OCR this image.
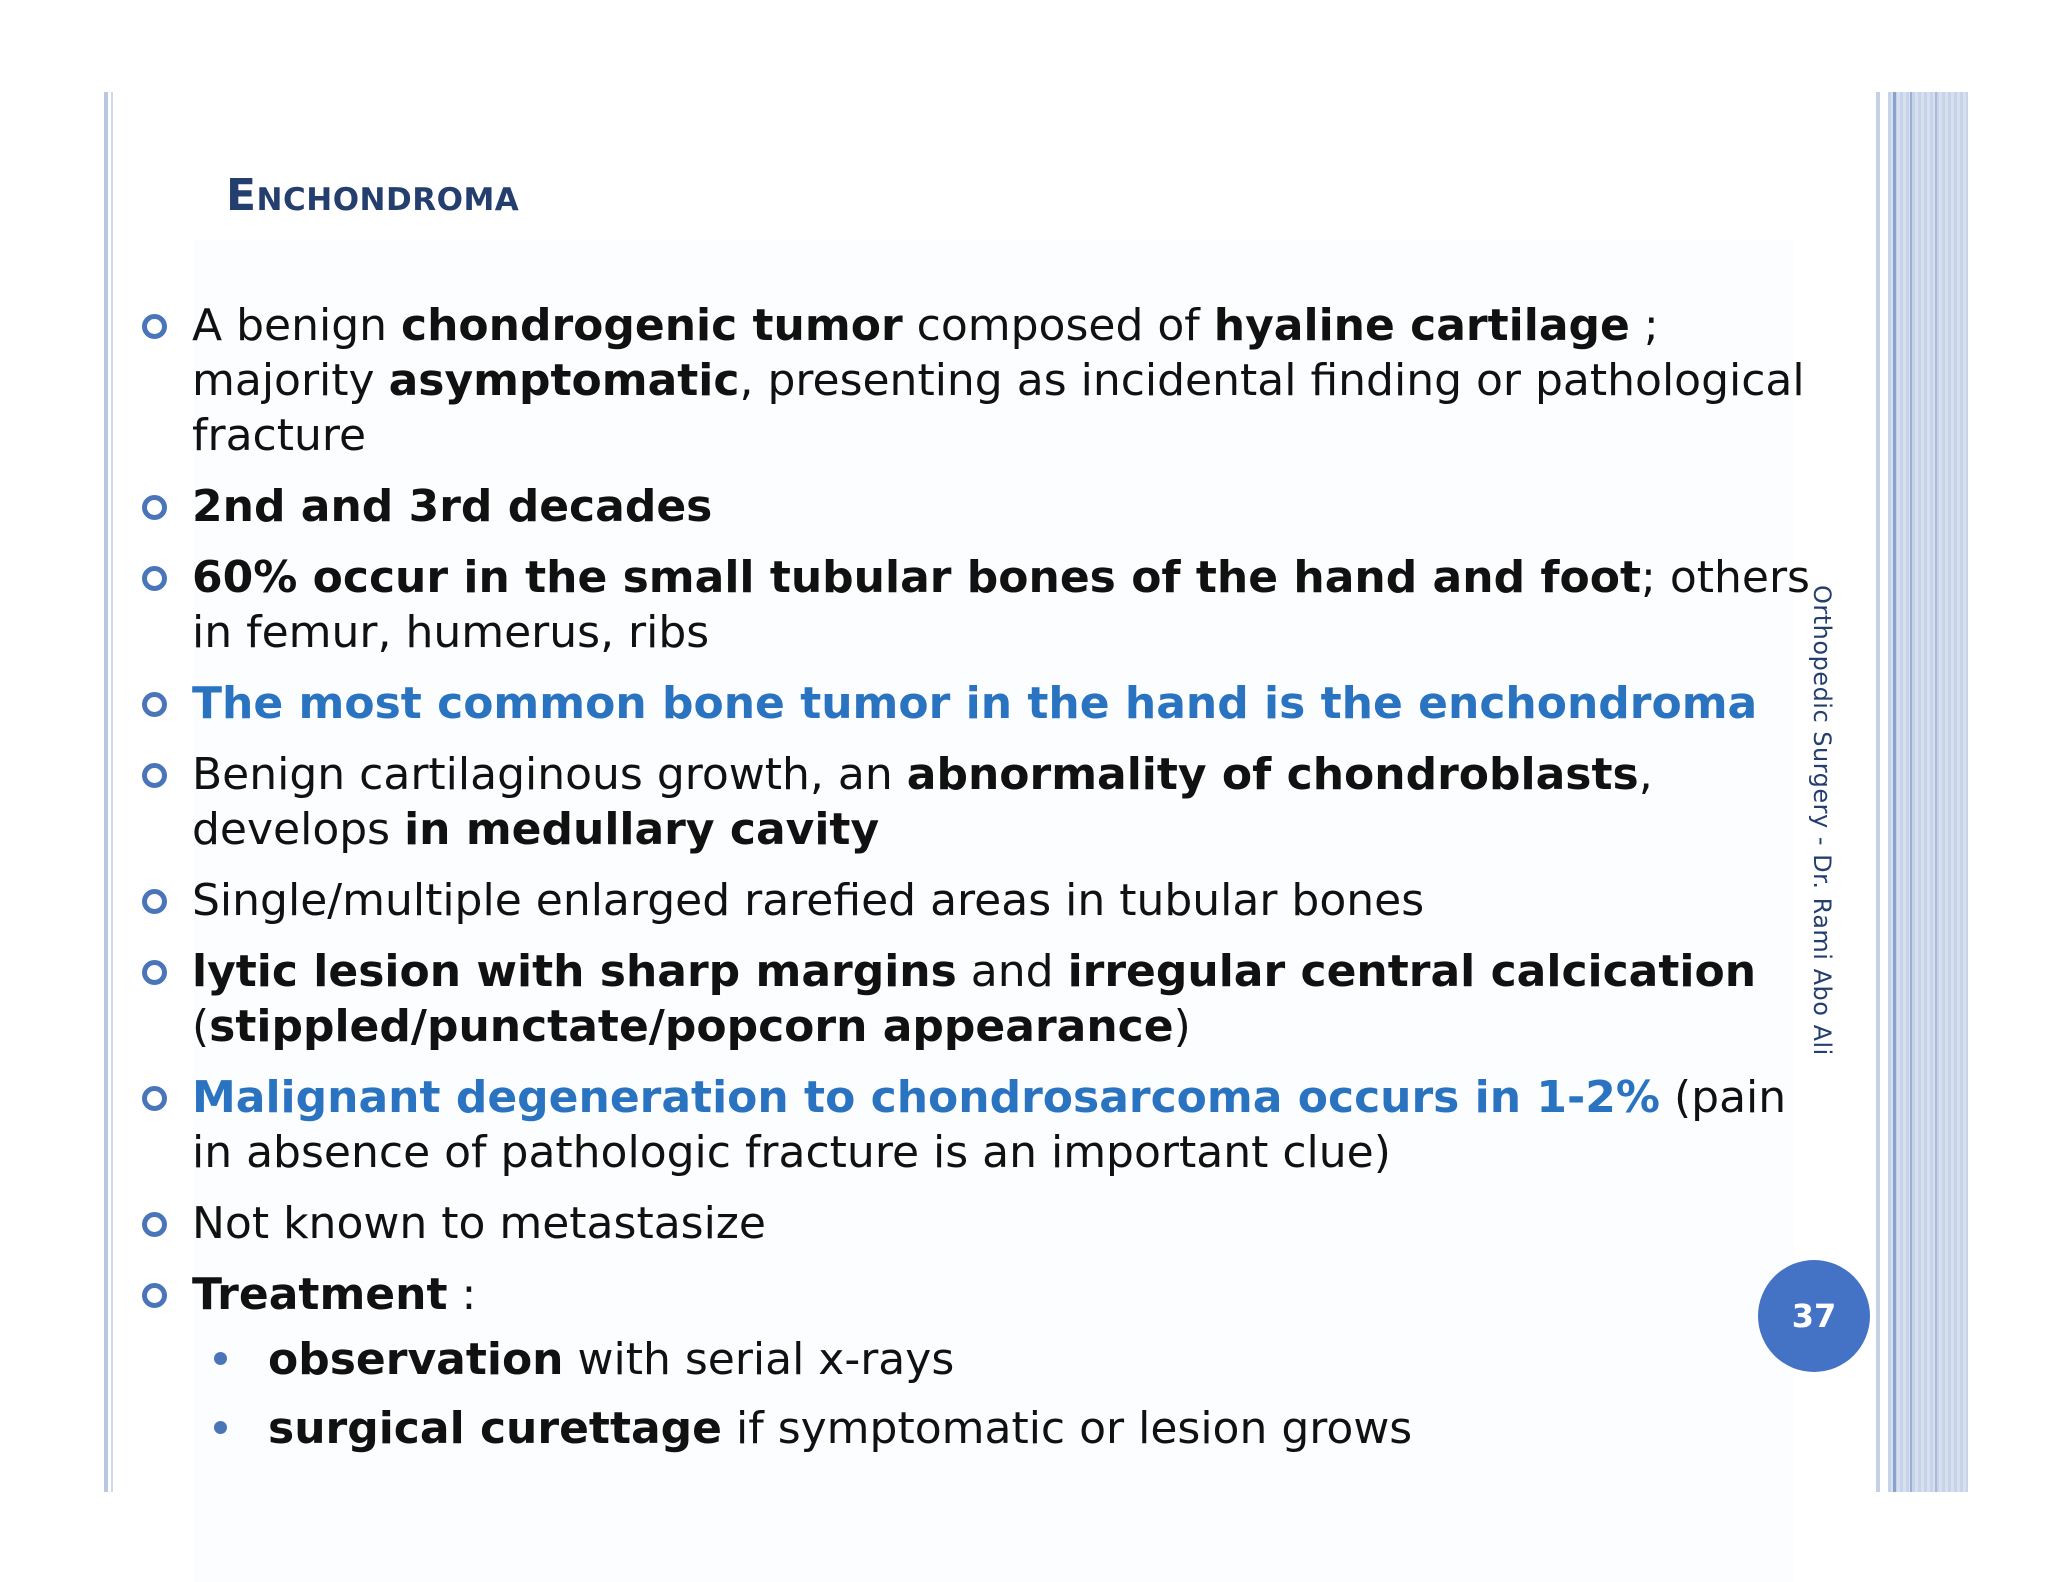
Enchondroma
A benign chondrogenic tumor composed of hyaline cartilage ; majority asymptomatic, presenting as incidental finding or pathological fracture
2nd and 3rd decades
60% occur in the small tubular bones of the hand and foot; others in femur, humerus, ribs
The most common bone tumor in the hand is the enchondroma
Benign cartilaginous growth, an abnormality of chondroblasts, develops in medullary cavity
Single/multiple enlarged rarefied areas in tubular bones
lytic lesion with sharp margins and irregular central calcication (stippled/punctate/popcorn appearance)
Malignant degeneration to chondrosarcoma occurs in 1-2% (pain in absence of pathologic fracture is an important clue)
Not known to metastasize
Treatment :
observation with serial x-rays
surgical curettage if symptomatic or lesion grows
Orthopedic Surgery - Dr. Rami Abo Ali
37
